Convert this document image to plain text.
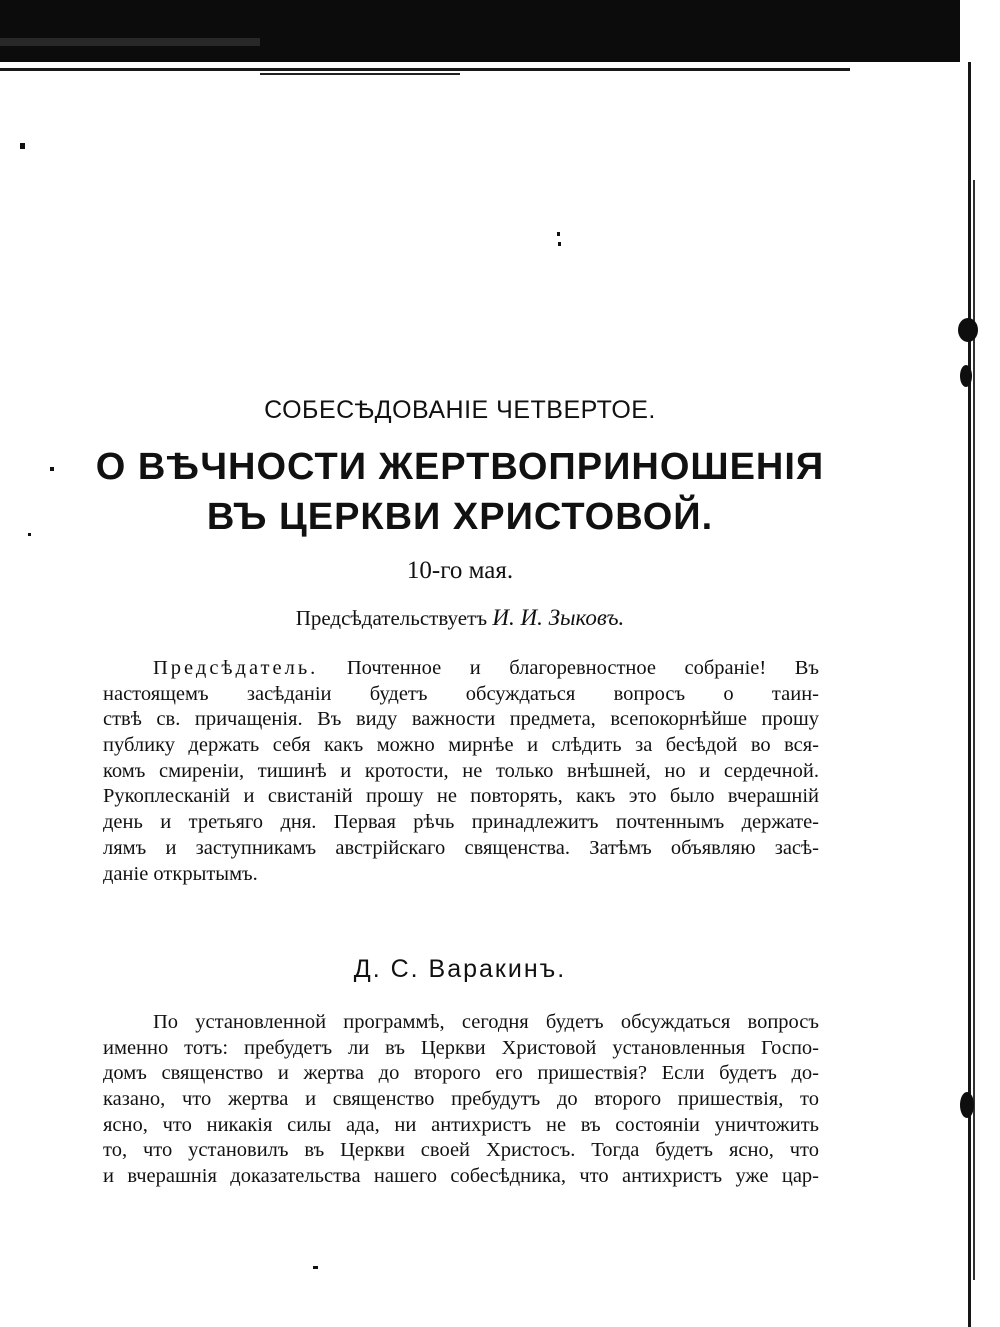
СОБЕСѢДОВАНІЕ ЧЕТВЕРТОЕ.
О ВѢЧНОСТИ ЖЕРТВОПРИНОШЕНІЯ
ВЪ ЦЕРКВИ ХРИСТОВОЙ.
10-го мая.
Предсѣдательствуетъ И. И. Зыковъ.
Предсѣдатель. Почтенное и благоревностное собраніе! Въ
настоящемъ засѣданіи будетъ обсуждаться вопросъ о таин-
ствѣ св. причащенія. Въ виду важности предмета, всепокорнѣйше прошу
публику держать себя какъ можно мирнѣе и слѣдить за бесѣдой во вся-
комъ смиреніи, тишинѣ и кротости, не только внѣшней, но и сердечной.
Рукоплесканій и свистаній прошу не повторять, какъ это было вчерашній
день и третьяго дня. Первая рѣчь принадлежитъ почтеннымъ держате-
лямъ и заступникамъ австрійскаго священства. Затѣмъ объявляю засѣ-
даніе открытымъ.
Д. С. Варакинъ.
По установленной программѣ, сегодня будетъ обсуждаться вопросъ
именно тотъ: пребудетъ ли въ Церкви Христовой установленныя Госпо-
домъ священство и жертва до второго его пришествія? Если будетъ до-
казано, что жертва и священство пребудутъ до второго пришествія, то
ясно, что никакія силы ада, ни антихристъ не въ состояніи уничтожить
то, что установилъ въ Церкви своей Христосъ. Тогда будетъ ясно, что
и вчерашнія доказательства нашего собесѣдника, что антихристъ уже цар-
